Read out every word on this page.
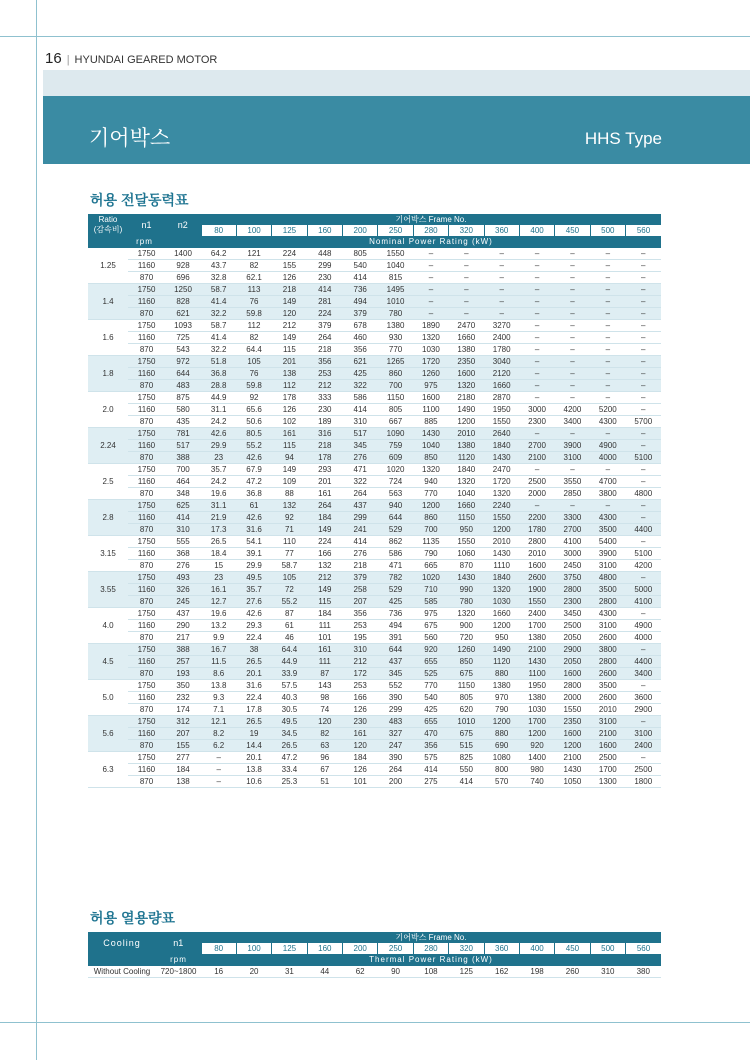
16 | HYUNDAI GEARED MOTOR
기어박스	HHS Type
허용 전달동력표
Ratio
(감속비)	n1	n2	기어박스 Frame No.												
			80	100	125	160	200	250	280	320	360	400	450	500	560
rpm			Nominal Power Rating (kW)												
1.25	1750	1400	64.2	121	224	448	805	1550	–	–	–	–	–	–	–
	1160	928	43.7	82	155	299	540	1040	–	–	–	–	–	–	–
	870	696	32.8	62.1	126	230	414	815	–	–	–	–	–	–	–
1.4	1750	1250	58.7	113	218	414	736	1495	–	–	–	–	–	–	–
	1160	828	41.4	76	149	281	494	1010	–	–	–	–	–	–	–
	870	621	32.2	59.8	120	224	379	780	–	–	–	–	–	–	–
1.6	1750	1093	58.7	112	212	379	678	1380	1890	2470	3270	–	–	–	–
	1160	725	41.4	82	149	264	460	930	1320	1660	2400	–	–	–	–
	870	543	32.2	64.4	115	218	356	770	1030	1380	1780	–	–	–	–
1.8	1750	972	51.8	105	201	356	621	1265	1720	2350	3040	–	–	–	–
	1160	644	36.8	76	138	253	425	860	1260	1600	2120	–	–	–	–
	870	483	28.8	59.8	112	212	322	700	975	1320	1660	–	–	–	–
2.0	1750	875	44.9	92	178	333	586	1150	1600	2180	2870	–	–	–	–
	1160	580	31.1	65.6	126	230	414	805	1100	1490	1950	3000	4200	5200	–
	870	435	24.2	50.6	102	189	310	667	885	1200	1550	2300	3400	4300	5700
2.24	1750	781	42.6	80.5	161	316	517	1090	1430	2010	2640	–	–	–	–
	1160	517	29.9	55.2	115	218	345	759	1040	1380	1840	2700	3900	4900	–
	870	388	23	42.6	94	178	276	609	850	1120	1430	2100	3100	4000	5100
2.5	1750	700	35.7	67.9	149	293	471	1020	1320	1840	2470	–	–	–	–
	1160	464	24.2	47.2	109	201	322	724	940	1320	1720	2500	3550	4700	–
	870	348	19.6	36.8	88	161	264	563	770	1040	1320	2000	2850	3800	4800
2.8	1750	625	31.1	61	132	264	437	940	1200	1660	2240	–	–	–	–
	1160	414	21.9	42.6	92	184	299	644	860	1150	1550	2200	3300	4300	–
	870	310	17.3	31.6	71	149	241	529	700	950	1200	1780	2700	3500	4400
3.15	1750	555	26.5	54.1	110	224	414	862	1135	1550	2010	2800	4100	5400	–
	1160	368	18.4	39.1	77	166	276	586	790	1060	1430	2010	3000	3900	5100
	870	276	15	29.9	58.7	132	218	471	665	870	1110	1600	2450	3100	4200
3.55	1750	493	23	49.5	105	212	379	782	1020	1430	1840	2600	3750	4800	–
	1160	326	16.1	35.7	72	149	258	529	710	990	1320	1900	2800	3500	5000
	870	245	12.7	27.6	55.2	115	207	425	585	780	1030	1550	2300	2800	4100
4.0	1750	437	19.6	42.6	87	184	356	736	975	1320	1660	2400	3450	4300	–
	1160	290	13.2	29.3	61	111	253	494	675	900	1200	1700	2500	3100	4900
	870	217	9.9	22.4	46	101	195	391	560	720	950	1380	2050	2600	4000
4.5	1750	388	16.7	38	64.4	161	310	644	920	1260	1490	2100	2900	3800	–
	1160	257	11.5	26.5	44.9	111	212	437	655	850	1120	1430	2050	2800	4400
	870	193	8.6	20.1	33.9	87	172	345	525	675	880	1100	1600	2600	3400
5.0	1750	350	13.8	31.6	57.5	143	253	552	770	1150	1380	1950	2800	3500	–
	1160	232	9.3	22.4	40.3	98	166	390	540	805	970	1380	2000	2600	3600
	870	174	7.1	17.8	30.5	74	126	299	425	620	790	1030	1550	2010	2900
5.6	1750	312	12.1	26.5	49.5	120	230	483	655	1010	1200	1700	2350	3100	–
	1160	207	8.2	19	34.5	82	161	327	470	675	880	1200	1600	2100	3100
	870	155	6.2	14.4	26.5	63	120	247	356	515	690	920	1200	1600	2400
6.3	1750	277	–	20.1	47.2	96	184	390	575	825	1080	1400	2100	2500	–
	1160	184	–	13.8	33.4	67	126	264	414	550	800	980	1430	1700	2500
	870	138	–	10.6	25.3	51	101	200	275	414	570	740	1050	1300	1800
허용 열용량표
Cooling	n1	기어박스 Frame No.												
		80	100	125	160	200	250	280	320	360	400	450	500	560
	rpm	Thermal Power Rating (kW)												
Without Cooling	720~1800	16	20	31	44	62	90	108	125	162	198	260	310	380
